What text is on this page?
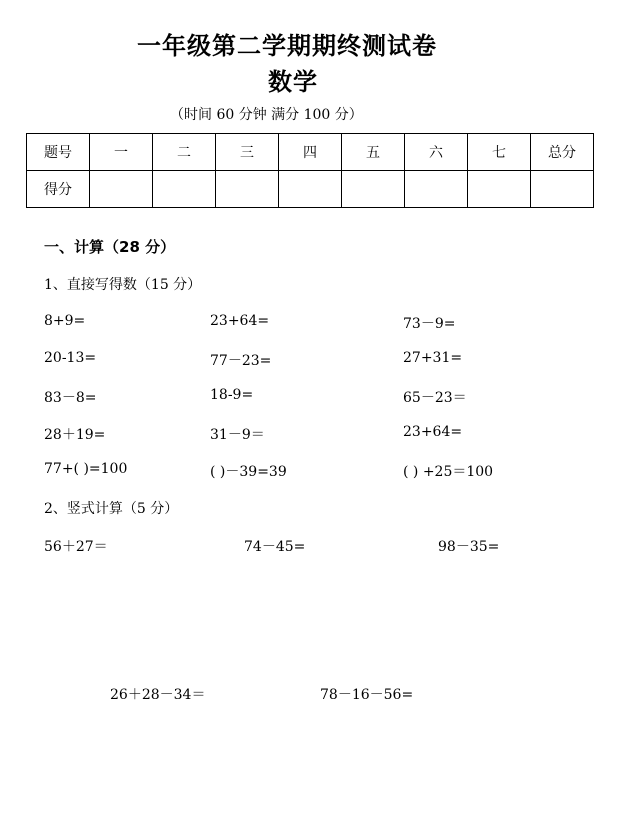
一年级第二学期期终测试卷
数学
（时间 60 分钟 满分 100 分）
题号	一	二	三	四	五	六	七	总分
得分								
一、计算（28 分）
1、直接写得数（15 分）
8+9=	23+64=	73－9=
20-13=	77－23=	27+31=
83－8=	18-9=	65－23＝
28＋19=	31－9＝	23+64=
77+( )=100	( )－39=39	( ) +25＝100
2、竖式计算（5 分）
56＋27＝	74－45=	98－35=
26＋28－34＝	78－16－56=
